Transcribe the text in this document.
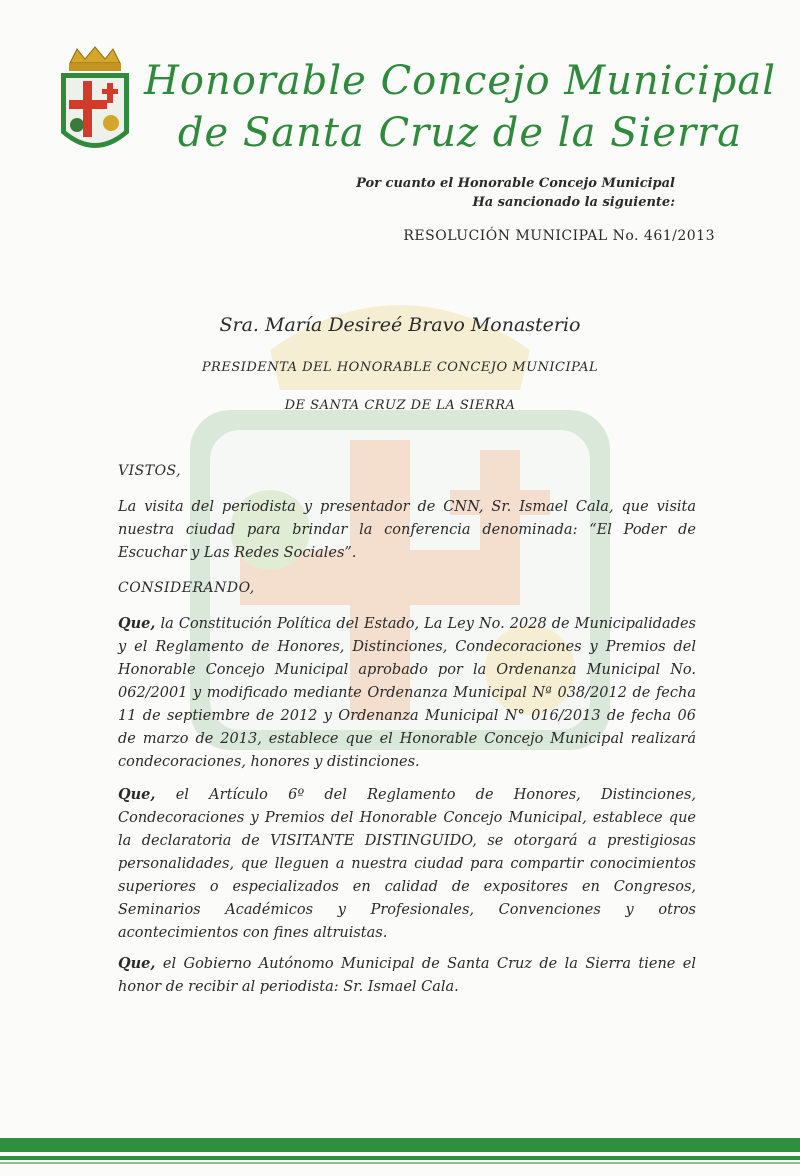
Honorable Concejo Municipal
de Santa Cruz de la Sierra
Por cuanto el Honorable Concejo Municipal
Ha sancionado la siguiente:
RESOLUCIÓN MUNICIPAL No. 461/2013
Sra. María Desireé Bravo Monasterio
PRESIDENTA DEL HONORABLE CONCEJO MUNICIPAL
DE SANTA CRUZ DE LA SIERRA
VISTOS,
La visita del periodista y presentador de CNN, Sr. Ismael Cala, que visita nuestra ciudad para brindar la conferencia denominada: “El Poder de Escuchar y Las Redes Sociales”.
CONSIDERANDO,
Que, la Constitución Política del Estado, La Ley No. 2028 de Municipalidades y el Reglamento de Honores, Distinciones, Condecoraciones y Premios del Honorable Concejo Municipal aprobado por la Ordenanza Municipal No. 062/2001 y modificado mediante Ordenanza Municipal Nª 038/2012 de fecha 11 de septiembre de 2012 y Ordenanza Municipal N° 016/2013 de fecha 06 de marzo de 2013, establece que el Honorable Concejo Municipal realizará condecoraciones, honores y distinciones.
Que, el Artículo 6º del Reglamento de Honores, Distinciones, Condecoraciones y Premios del Honorable Concejo Municipal, establece que la declaratoria de VISITANTE DISTINGUIDO, se otorgará a prestigiosas personalidades, que lleguen a nuestra ciudad para compartir conocimientos superiores o especializados en calidad de expositores en Congresos, Seminarios Académicos y Profesionales, Convenciones y otros acontecimientos con fines altruistas.
Que, el Gobierno Autónomo Municipal de Santa Cruz de la Sierra tiene el honor de recibir al periodista: Sr. Ismael Cala.
